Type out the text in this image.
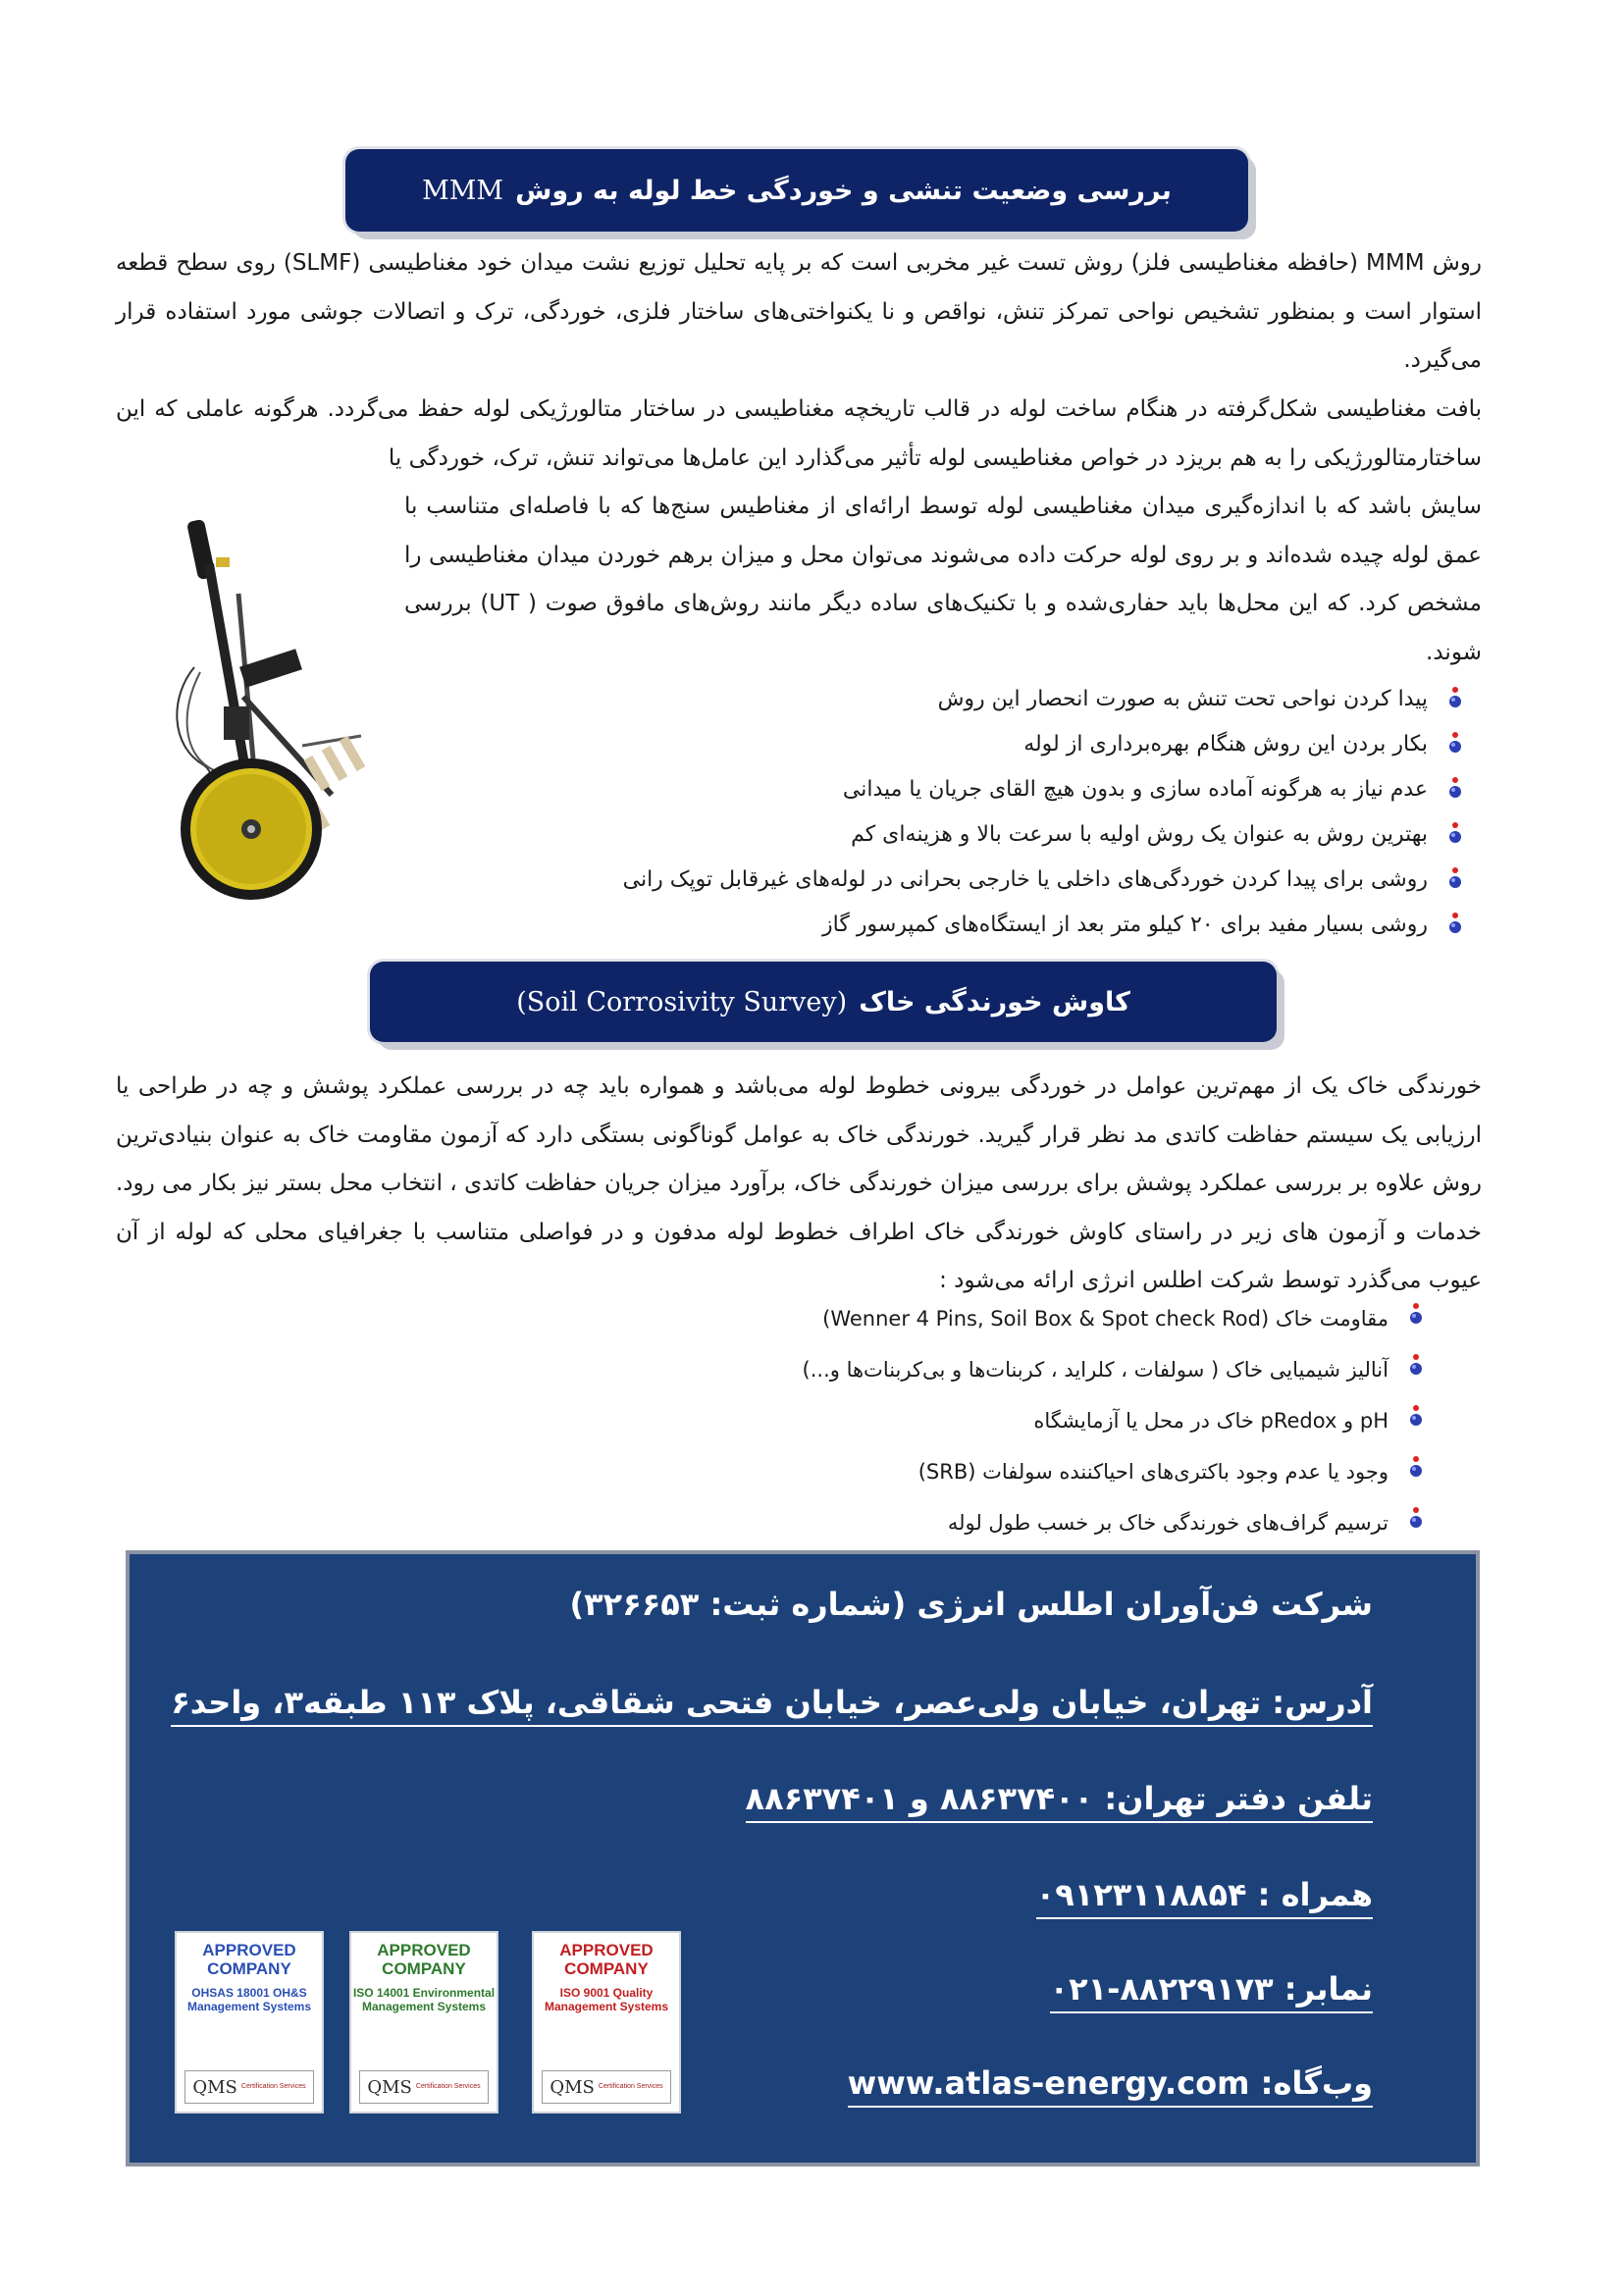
بررسی وضعیت تنشی و خوردگی خط لوله به روش
MMM

روش MMM (حافظه مغناطیسی فلز) روش تست غیر مخربی است که بر پایه تحلیل توزیع نشت میدان خود مغناطیسی (SLMF) روی سطح قطعه استوار است و بمنظور تشخیص نواحی تمرکز تنش، نواقص و نا یکنواختی‌های ساختار فلزی، خوردگی، ترک و اتصالات جوشی مورد استفاده قرار می‌گیرد.

بافت مغناطیسی شکل‌گرفته در هنگام ساخت لوله در قالب تاریخچه مغناطیسی در ساختار متالورژیکی لوله حفظ می‌گردد. هرگونه عاملی که این ساختارمتالورژیکی را به هم بریزد در خواص مغناطیسی لوله تأثیر می‌گذارد این عامل‌ها می‌تواند تنش، ترک، خوردگی یا

سایش باشد که با اندازه‌گیری میدان مغناطیسی لوله توسط ارائه‌ای از مغناطیس سنج‌ها که با فاصله‌ای متناسب با عمق لوله چیده شده‌اند و بر روی لوله حرکت داده می‌شوند می‌توان محل و میزان برهم خوردن میدان مغناطیسی را مشخص کرد. که این محل‌ها باید حفاری‌شده و با تکنیک‌های ساده دیگر مانند روش‌های مافوق صوت ( UT) بررسی شوند.

پیدا کردن نواحی تحت تنش به صورت انحصار این روش
بکار بردن این روش هنگام بهره‌برداری از لوله
عدم نیاز به هرگونه آماده سازی و بدون هیچ القای جریان یا میدانی
بهترین روش به عنوان یک روش اولیه با سرعت بالا و هزینه‌ای کم
روشی برای پیدا کردن خوردگی‌های داخلی یا خارجی بحرانی در لوله‌های غیرقابل توپک رانی
روشی بسیار مفید برای ۲۰ کیلو متر بعد از ایستگاه‌های کمپرسور گاز
کاوش خورندگی خاک
(Soil Corrosivity Survey)

خورندگی خاک یک از مهم‌ترین عوامل در خوردگی بیرونی خطوط لوله می‌باشد و همواره باید چه در بررسی عملکرد پوشش و چه در طراحی یا ارزیابی یک سیستم حفاظت کاتدی مد نظر قرار گیرید. خورندگی خاک به عوامل گوناگونی بستگی دارد که آزمون مقاومت خاک به عنوان بنیادی‌ترین روش علاوه بر بررسی عملکرد پوشش برای بررسی میزان خورندگی خاک، برآورد میزان جریان حفاظت کاتدی ، انتخاب محل بستر نیز بکار می رود. خدمات و آزمون های زیر در راستای کاوش خورندگی خاک اطراف خطوط لوله مدفون و در فواصلی متناسب با جغرافیای محلی که لوله از آن عیوب می‌گذرد توسط شرکت اطلس انرژی ارائه می‌شود :

مقاومت خاک (Wenner 4 Pins, Soil Box & Spot check Rod)
آنالیز شیمیایی خاک ( سولفات ، کلراید ، کربنات‌ها و بی‌کربنات‌ها و...)
pH و pRedox خاک در محل یا آزمایشگاه
وجود یا عدم وجود باکتری‌های احیاکننده سولفات (SRB)
ترسیم گراف‌های خورندگی خاک بر خسب طول لوله
شرکت فن‌آوران اطلس انرژی (شماره ثبت: ۳۲۶۶۵۳)
آدرس: تهران، خیابان ولی‌عصر، خیابان فتحی شقاقی، پلاک ۱۱۳ طبقه۳، واحد۶
تلفن دفتر تهران: ۸۸۶۳۷۴۰۰ و ۸۸۶۳۷۴۰۱
همراه : ۰۹۱۲۳۱۱۸۸۵۴
نمابر: ۸۸۲۲۹۱۷۳-۰۲۱
وب‌گاه: www.atlas-energy.com
APPROVED COMPANY
OHSAS 18001 OH&S Management Systems
QMS Certification Services
APPROVED COMPANY
ISO 14001 Environmental Management Systems
QMS Certification Services
APPROVED COMPANY
ISO 9001 Quality Management Systems
QMS Certification Services
